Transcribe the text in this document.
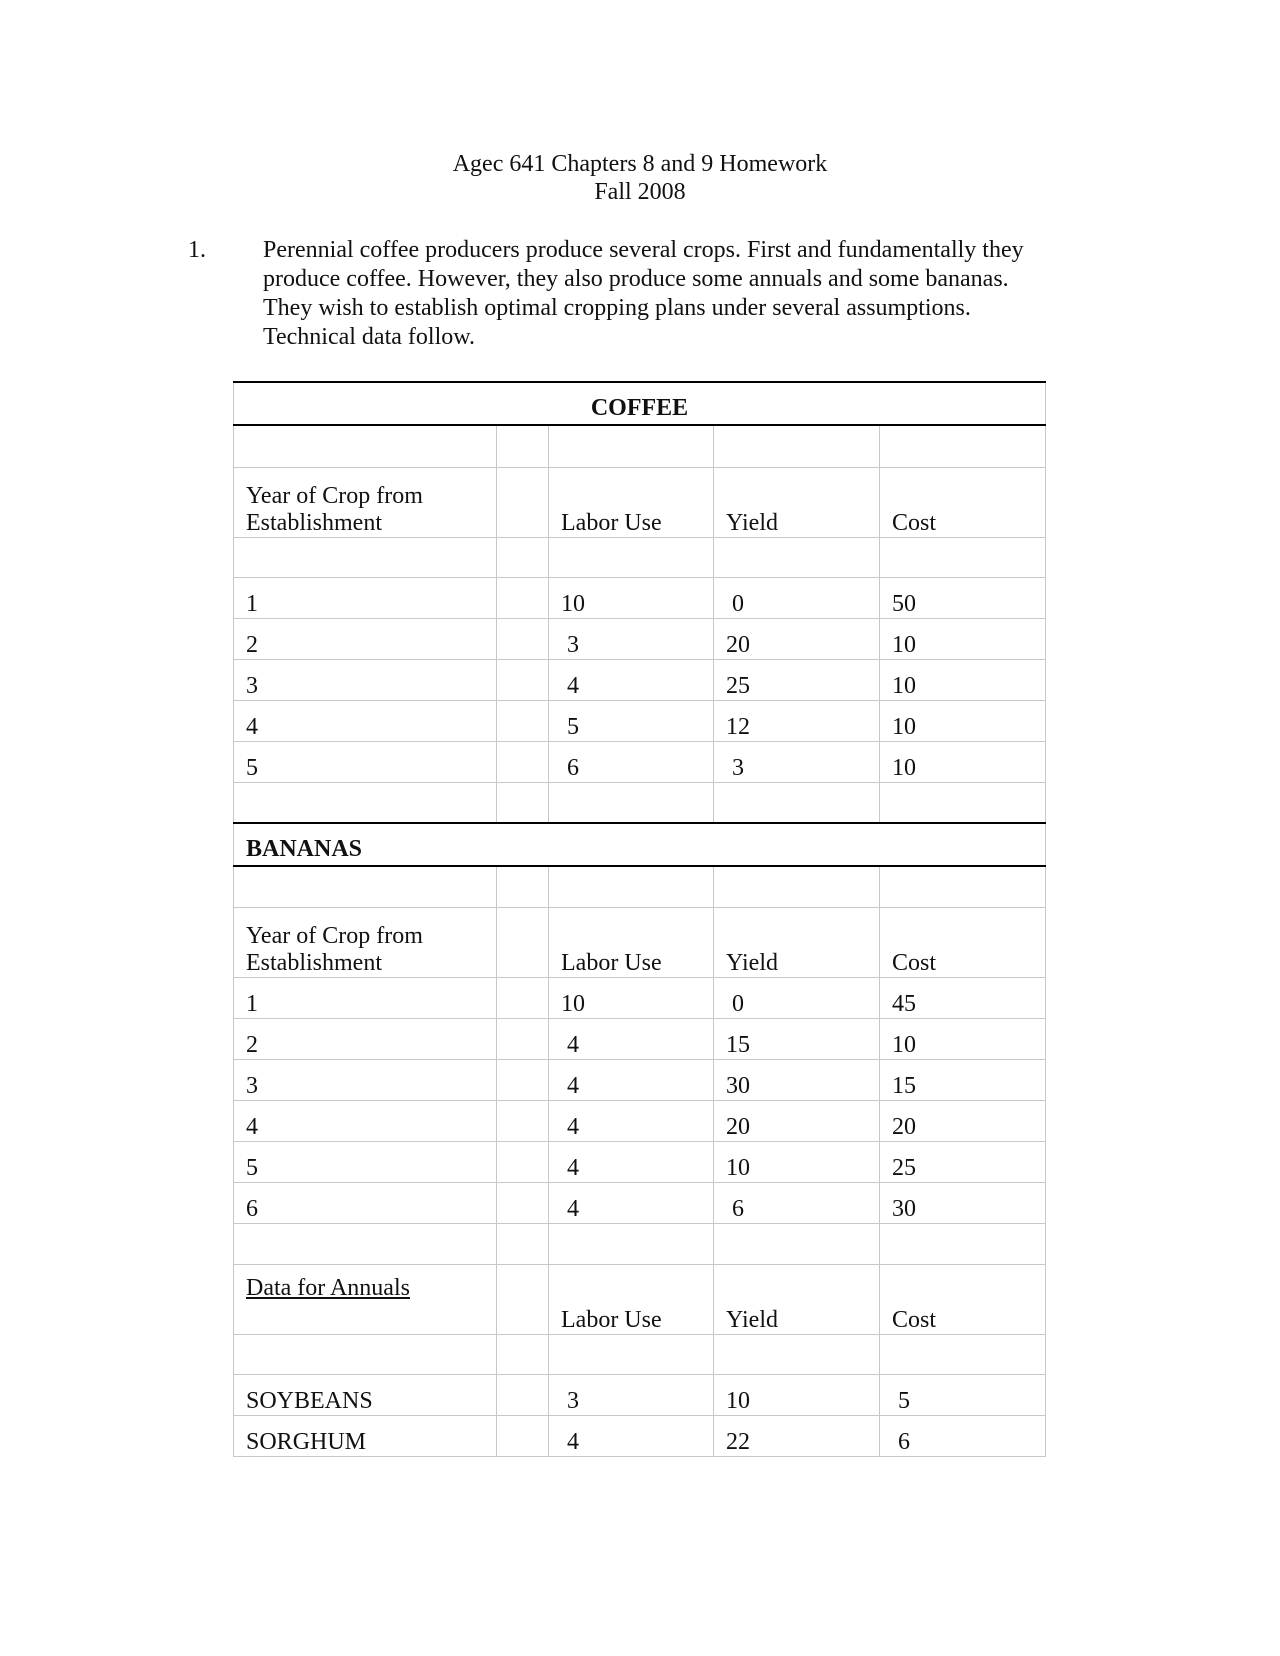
Agec 641 Chapters 8 and 9 Homework
Fall 2008
1. Perennial coffee producers produce several crops. First and fundamentally they
produce coffee. However, they also produce some annuals and some bananas.
They wish to establish optimal cropping plans under several assumptions.
Technical data follow.
COFFEE				

Year of Crop from
Establishment		Labor Use	Yield	Cost

1		10	0	50
2		3	20	10
3		4	25	10
4		5	12	10
5		6	3	10

BANANAS				

Year of Crop from
Establishment		Labor Use	Yield	Cost
1		10	0	45
2		4	15	10
3		4	30	15
4		4	20	20
5		4	10	25
6		4	6	30

Data for Annuals		Labor Use	Yield	Cost

SOYBEANS		3	10	5
SORGHUM		4	22	6
